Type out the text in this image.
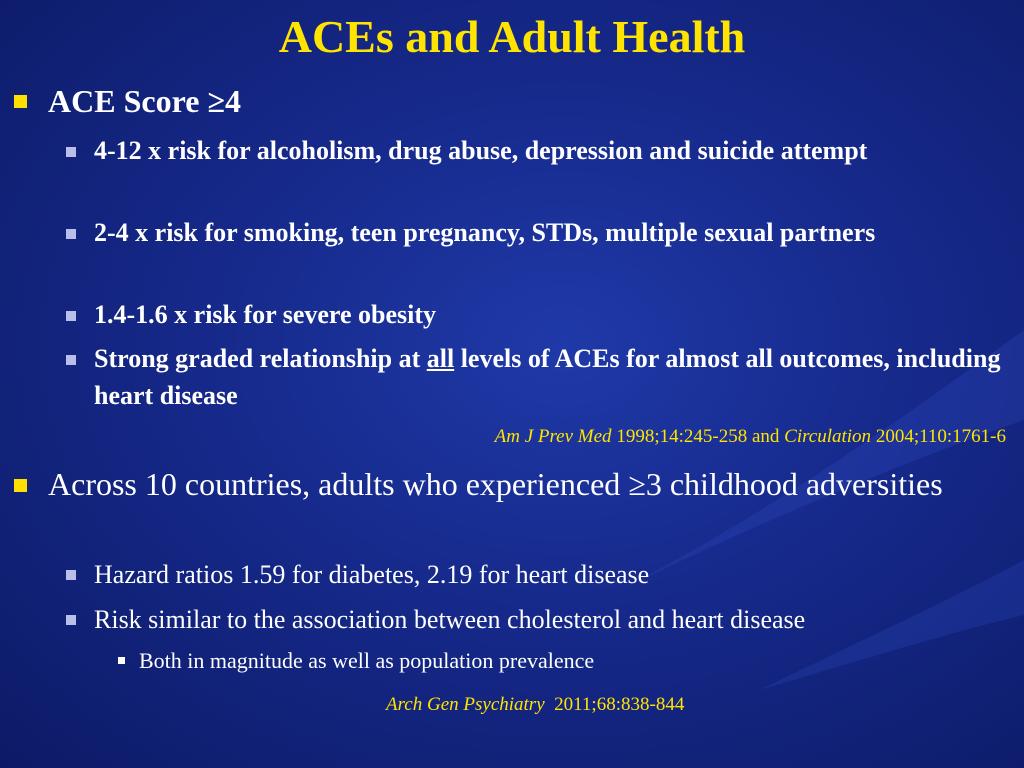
ACEs and Adult Health
ACE Score ≥4
4-12 x risk for alcoholism, drug abuse, depression and suicide attempt
2-4 x risk for smoking, teen pregnancy, STDs, multiple sexual partners
1.4-1.6 x risk for severe obesity
Strong graded relationship at all levels of ACEs for almost all outcomes, including heart disease
Am J Prev Med 1998;14:245-258 and Circulation 2004;110:1761-6
Across 10 countries, adults who experienced ≥3 childhood adversities
Hazard ratios 1.59 for diabetes, 2.19 for heart disease
Risk similar to the association between cholesterol and heart disease
Both in magnitude as well as population prevalence
Arch Gen Psychiatry  2011;68:838-844
